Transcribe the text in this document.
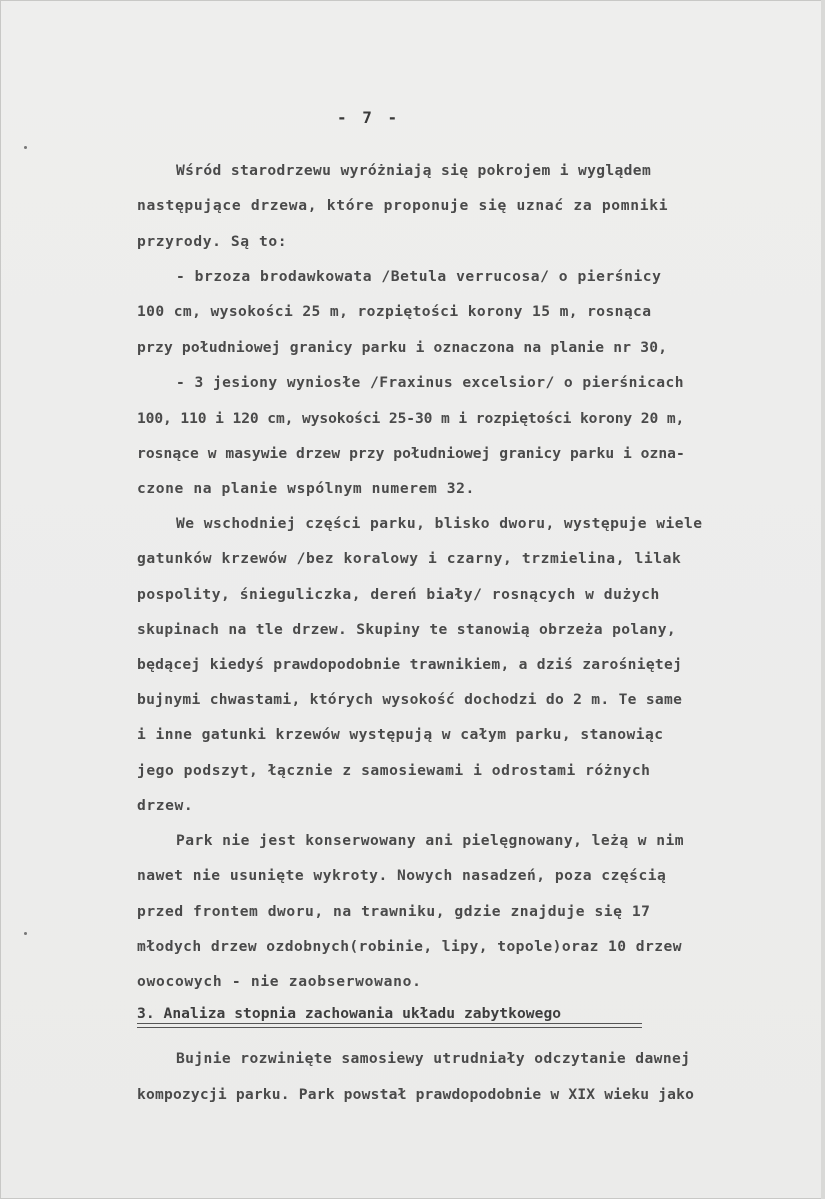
- 7 -
Wśród starodrzewu wyróżniają się pokrojem i wyglądem
następujące drzewa, które proponuje się uznać za pomniki
przyrody. Są to:
- brzoza brodawkowata /Betula verrucosa/ o pierśnicy
100 cm, wysokości 25 m, rozpiętości korony 15 m, rosnąca
przy południowej granicy parku i oznaczona na planie nr 30,
- 3 jesiony wyniosłe /Fraxinus excelsior/ o pierśnicach
100, 110 i 120 cm, wysokości 25-30 m i rozpiętości korony 20 m,
rosnące w masywie drzew przy południowej granicy parku i ozna-
czone na planie wspólnym numerem 32.
We wschodniej części parku, blisko dworu, występuje wiele
gatunków krzewów /bez koralowy i czarny, trzmielina, lilak
pospolity, śnieguliczka, dereń biały/ rosnących w dużych
skupinach na tle drzew. Skupiny te stanowią obrzeża polany,
będącej kiedyś prawdopodobnie trawnikiem, a dziś zarośniętej
bujnymi chwastami, których wysokość dochodzi do 2 m. Te same
i inne gatunki krzewów występują w całym parku, stanowiąc
jego podszyt, łącznie z samosiewami i odrostami różnych
drzew.
Park nie jest konserwowany ani pielęgnowany, leżą w nim
nawet nie usunięte wykroty. Nowych nasadzeń, poza częścią
przed frontem dworu, na trawniku, gdzie znajduje się 17
młodych drzew ozdobnych(robinie, lipy, topole)oraz 10 drzew
owocowych - nie zaobserwowano.
3. Analiza stopnia zachowania układu zabytkowego
Bujnie rozwinięte samosiewy utrudniały odczytanie dawnej
kompozycji parku. Park powstał prawdopodobnie w XIX wieku jako
